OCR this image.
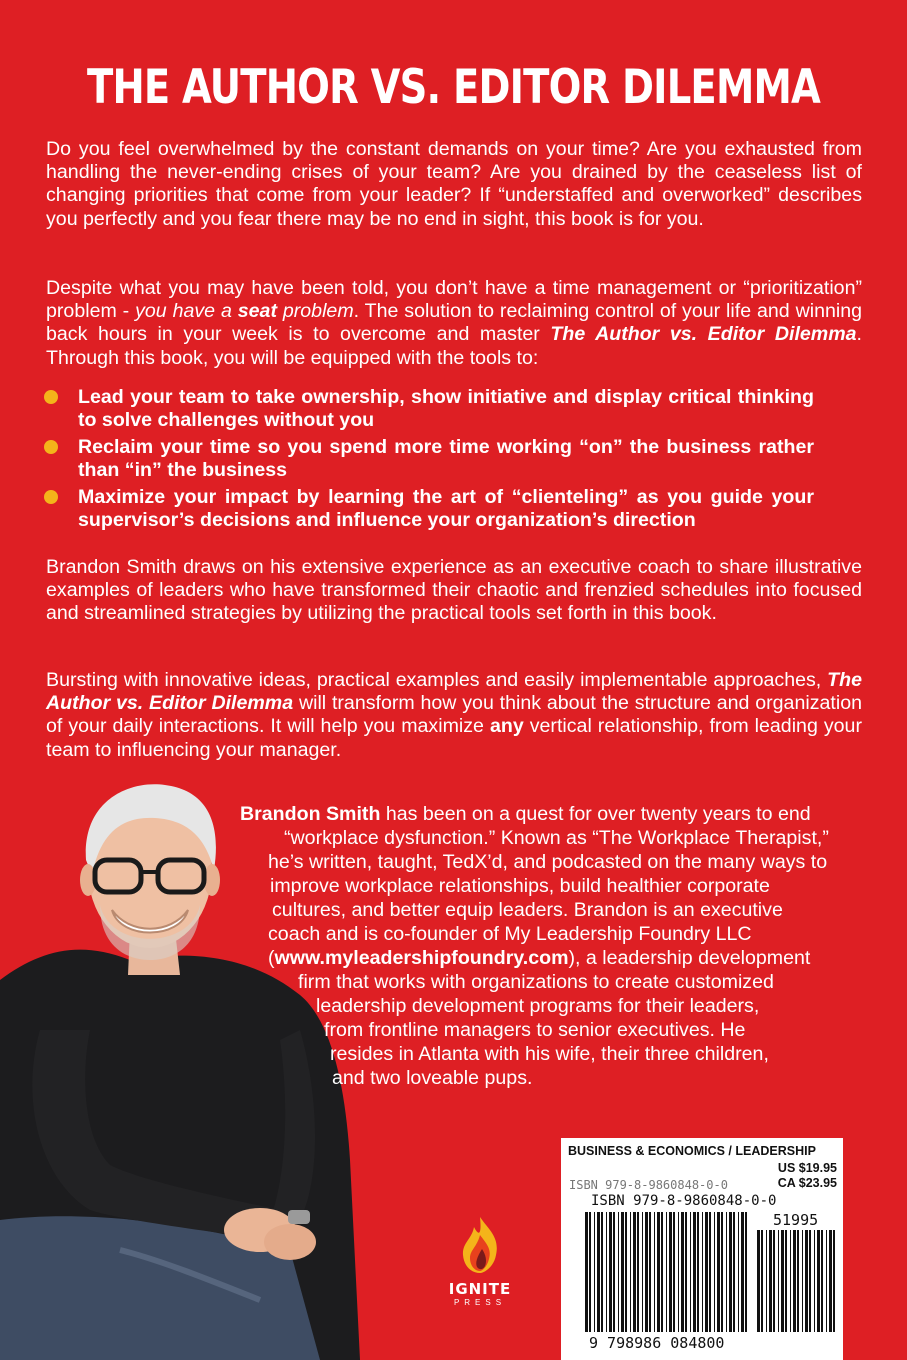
THE AUTHOR VS. EDITOR DILEMMA

Do you feel overwhelmed by the constant demands on your time? Are you exhausted from handling the never-ending crises of your team? Are you drained by the ceaseless list of changing priorities that come from your leader? If “understaffed and overworked” describes you perfectly and you fear there may be no end in sight, this book is for you.

Despite what you may have been told, you don’t have a time management or “prioritization” problem - you have a seat problem. The solution to reclaiming control of your life and winning back hours in your week is to overcome and master The Author vs. Editor Dilemma. Through this book, you will be equipped with the tools to:

Lead your team to take ownership, show initiative and display critical thinking to solve challenges without you
Reclaim your time so you spend more time working “on” the business rather than “in” the business
Maximize your impact by learning the art of “clienteling” as you guide your supervisor’s decisions and influence your organization’s direction

Brandon Smith draws on his extensive experience as an executive coach to share illustrative examples of leaders who have transformed their chaotic and frenzied schedules into focused and streamlined strategies by utilizing the practical tools set forth in this book.

Bursting with innovative ideas, practical examples and easily implementable approaches, The Author vs. Editor Dilemma will transform how you think about the structure and organization of your daily interactions. It will help you maximize any vertical relationship, from leading your team to influencing your manager.

Brandon Smith has been on a quest for over twenty years to end
“workplace dysfunction.” Known as “The Workplace Therapist,”
he’s written, taught, TedX’d, and podcasted on the many ways to
improve workplace relationships, build healthier corporate
cultures, and better equip leaders. Brandon is an executive
coach and is co-founder of My Leadership Foundry LLC
(www.myleadershipfoundry.com), a leadership development
firm that works with organizations to create customized
leadership development programs for their leaders,
from frontline managers to senior executives. He
resides in Atlanta with his wife, their three children,
and two loveable pups.

IGNITE
PRESS
BUSINESS & ECONOMICS / LEADERSHIP
US $19.95
CA $23.95
ISBN 979-8-9860848-0-0
ISBN 979-8-9860848-0-0
51995
9 798986 084800
